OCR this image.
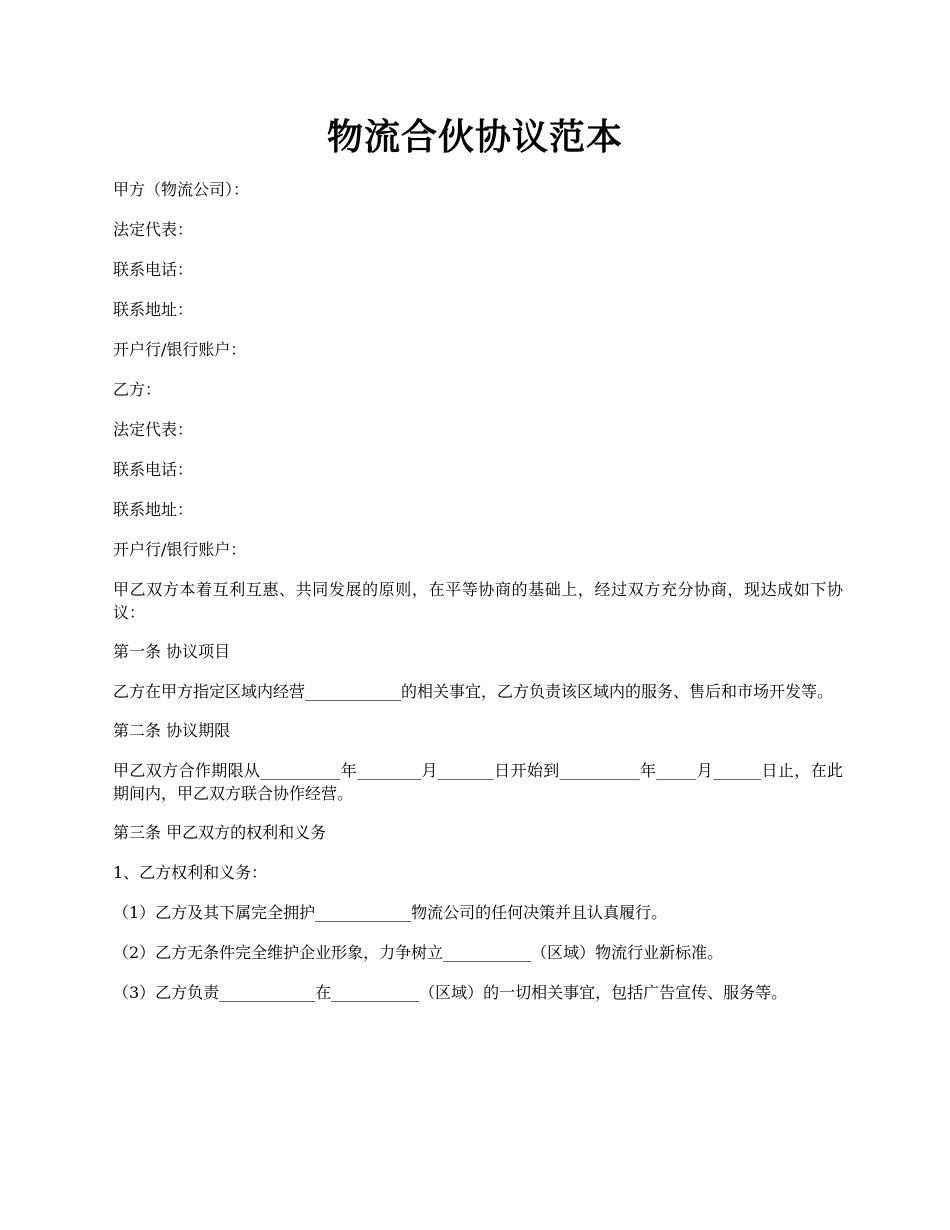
物流合伙协议范本

甲方（物流公司）：

法定代表：

联系电话：

联系地址：

开户行/银行账户：

乙方：

法定代表：

联系电话：

联系地址：

开户行/银行账户：

甲乙双方本着互利互惠、共同发展的原则，在平等协商的基础上，经过双方充分协商，现达成如下协议：

第一条 协议项目

乙方在甲方指定区域内经营____________的相关事宜，乙方负责该区域内的服务、售后和市场开发等。

第二条 协议期限

甲乙双方合作期限从__________年________月_______日开始到__________年_____月______日止，在此期间内，甲乙双方联合协作经营。

第三条 甲乙双方的权利和义务

1、乙方权利和义务：

（1）乙方及其下属完全拥护____________物流公司的任何决策并且认真履行。

（2）乙方无条件完全维护企业形象，力争树立___________（区域）物流行业新标准。

（3）乙方负责____________在___________（区域）的一切相关事宜，包括广告宣传、服务等。
